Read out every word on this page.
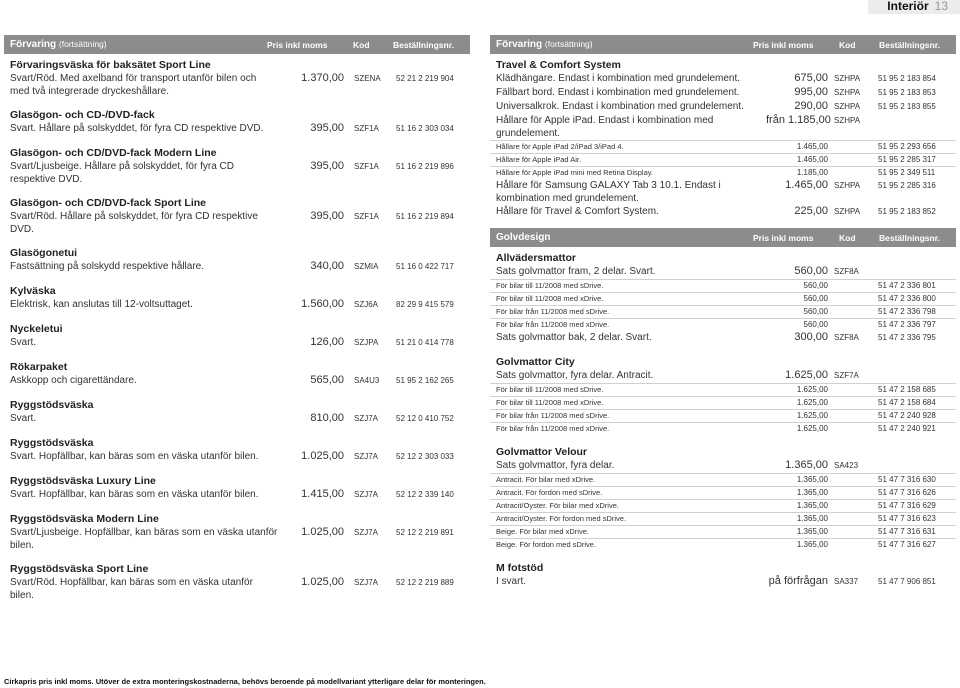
Interiör 13
Förvaring (fortsättning)	Pris inkl moms	Kod	Beställningsnr.
Förvaringsväska för baksätet Sport Line
Svart/Röd. Med axelband för transport utanför bilen och med två integrerade dryckeshållare.
1.370,00	SZENA	52 21 2 219 904
Glasögon- och CD-/DVD-fack
Svart. Hållare på solskyddet, för fyra CD respektive DVD.	395,00	SZF1A	51 16 2 303 034
Glasögon- och CD/DVD-fack Modern Line
Svart/Ljusbeige. Hållare på solskyddet, för fyra CD respektive DVD.
395,00	SZF1A	51 16 2 219 896
Glasögon- och CD/DVD-fack Sport Line
Svart/Röd. Hållare på solskyddet, för fyra CD respektive DVD.
395,00	SZF1A	51 16 2 219 894
Glasögonetui
Fastsättning på solskydd respektive hållare.	340,00	SZMIA	51 16 0 422 717
Kylväska
Elektrisk, kan anslutas till 12-voltsuttaget.	1.560,00	SZJ6A	82 29 9 415 579
Nyckeletui
Svart.	126,00	SZJPA	51 21 0 414 778
Rökarpaket
Askkopp och cigarettändare.	565,00	SA4U3	51 95 2 162 265
Ryggstödsväska
Svart.	810,00	SZJ7A	52 12 0 410 752
Ryggstödsväska
Svart. Hopfällbar, kan bäras som en väska utanför bilen.	1.025,00	SZJ7A	52 12 2 303 033
Ryggstödsväska Luxury Line
Svart. Hopfällbar, kan bäras som en väska utanför bilen.	1.415,00	SZJ7A	52 12 2 339 140
Ryggstödsväska Modern Line
Svart/Ljusbeige. Hopfällbar, kan bäras som en väska utanför bilen.
1.025,00	SZJ7A	52 12 2 219 891
Ryggstödsväska Sport Line
Svart/Röd. Hopfällbar, kan bäras som en väska utanför bilen.
1.025,00	SZJ7A	52 12 2 219 889
Förvaring (fortsättning)	Pris inkl moms	Kod	Beställningsnr.
Travel & Comfort System
Klädhängare. Endast i kombination med grundelement.	675,00 SZHPA	51 95 2 183 854
Fällbart bord. Endast i kombination med grundelement.	995,00 SZHPA	51 95 2 183 853
Universalkrok. Endast i kombination med grundelement.	290,00 SZHPA	51 95 2 183 855
Hållare för Apple iPad. Endast i kombination med grundelement.
från 1.185,00 SZHPA
Hållare för Apple iPad 2/iPad 3/iPad 4.	1.465,00	51 95 2 293 656
Hållare för Apple iPad Air.	1.465,00	51 95 2 285 317
Hållare för Apple iPad mini med Retina Display.	1.185,00	51 95 2 349 511
Hållare för Samsung GALAXY Tab 3 10.1. Endast i kombination med grundelement.
1.465,00 SZHPA	51 95 2 285 316
Hållare för Travel & Comfort System.	225,00 SZHPA	51 95 2 183 852
Golvdesign	Pris inkl moms	Kod	Beställningsnr.
Allvädersmattor
Sats golvmattor fram, 2 delar. Svart.	560,00 SZF8A
För bilar till 11/2008 med sDrive.	560,00	51 47 2 336 801
För bilar till 11/2008 med xDrive.	560,00	51 47 2 336 800
För bilar från 11/2008 med sDrive.	560,00	51 47 2 336 798
För bilar från 11/2008 med xDrive.	560,00	51 47 2 336 797
Sats golvmattor bak, 2 delar. Svart.	300,00 SZF8A	51 47 2 336 795
Golvmattor City
Sats golvmattor, fyra delar. Antracit.	1.625,00 SZF7A
För bilar till 11/2008 med sDrive.	1.625,00	51 47 2 158 685
För bilar till 11/2008 med xDrive.	1.625,00	51 47 2 158 684
För bilar från 11/2008 med sDrive.	1.625,00	51 47 2 240 928
För bilar från 11/2008 med xDrive.	1.625,00	51 47 2 240 921
Golvmattor Velour
Sats golvmattor, fyra delar.	1.365,00 SA423
Antracit. För bilar med xDrive.	1.365,00	51 47 7 316 630
Antracit. För fordon med sDrive.	1.365,00	51 47 7 316 626
Antracit/Oyster. För bilar med xDrive.	1.365,00	51 47 7 316 629
Antracit/Oyster. För fordon med sDrive.	1.365,00	51 47 7 316 623
Beige. För bilar med xDrive.	1.365,00	51 47 7 316 631
Beige. För fordon med sDrive.	1.365,00	51 47 7 316 627
M fotstöd
I svart.	på förfrågan SA337	51 47 7 906 851
Cirkapris pris inkl moms. Utöver de extra monteringskostnaderna, behövs beroende på modellvariant ytterligare delar för monteringen.
